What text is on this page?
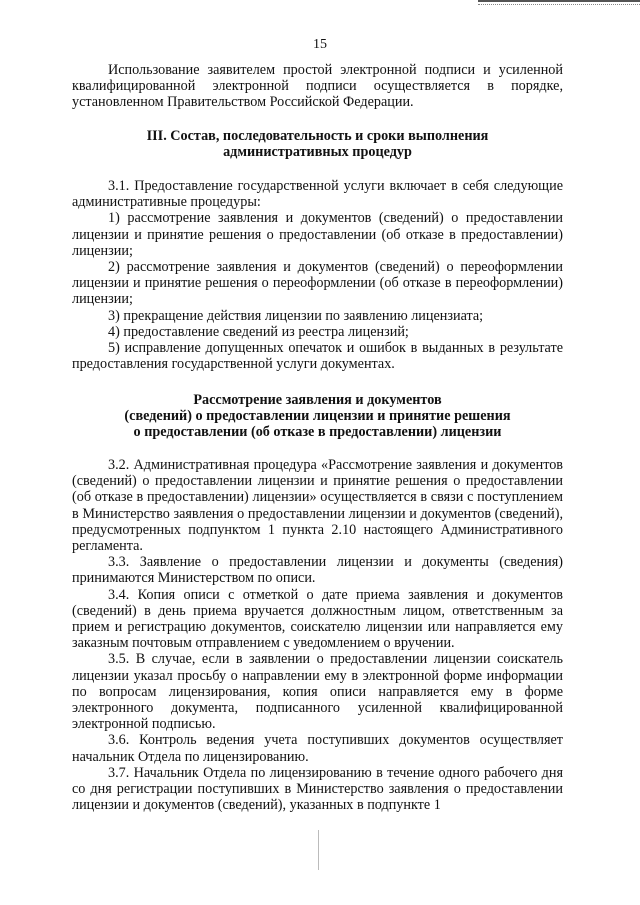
15

Использование заявителем простой электронной подписи и усиленной квалифицированной электронной подписи осуществляется в порядке, установленном Правительством Российской Федерации.

III. Состав, последовательность и сроки выполнения
административных процедур

3.1. Предоставление государственной услуги включает в себя следующие административные процедуры:

1) рассмотрение заявления и документов (сведений) о предоставлении лицензии и принятие решения о предоставлении (об отказе в предоставлении) лицензии;

2) рассмотрение заявления и документов (сведений) о переоформлении лицензии и принятие решения о переоформлении (об отказе в переоформлении) лицензии;

3) прекращение действия лицензии по заявлению лицензиата;

4) предоставление сведений из реестра лицензий;

5) исправление допущенных опечаток и ошибок в выданных в результате предоставления государственной услуги документах.

Рассмотрение заявления и документов
(сведений) о предоставлении лицензии и принятие решения
о предоставлении (об отказе в предоставлении) лицензии

3.2. Административная процедура «Рассмотрение заявления и документов (сведений) о предоставлении лицензии и принятие решения о предоставлении (об отказе в предоставлении) лицензии» осуществляется в связи с поступлением в Министерство заявления о предоставлении лицензии и документов (сведений), предусмотренных подпунктом 1 пункта 2.10 настоящего Административного регламента.

3.3. Заявление о предоставлении лицензии и документы (сведения) принимаются Министерством по описи.

3.4. Копия описи с отметкой о дате приема заявления и документов (сведений) в день приема вручается должностным лицом, ответственным за прием и регистрацию документов, соискателю лицензии или направляется ему заказным почтовым отправлением с уведомлением о вручении.

3.5. В случае, если в заявлении о предоставлении лицензии соискатель лицензии указал просьбу о направлении ему в электронной форме информации по вопросам лицензирования, копия описи направляется ему в форме электронного документа, подписанного усиленной квалифицированной электронной подписью.

3.6. Контроль ведения учета поступивших документов осуществляет начальник Отдела по лицензированию.

3.7. Начальник Отдела по лицензированию в течение одного рабочего дня со дня регистрации поступивших в Министерство заявления о предоставлении лицензии и документов (сведений), указанных в подпункте 1
